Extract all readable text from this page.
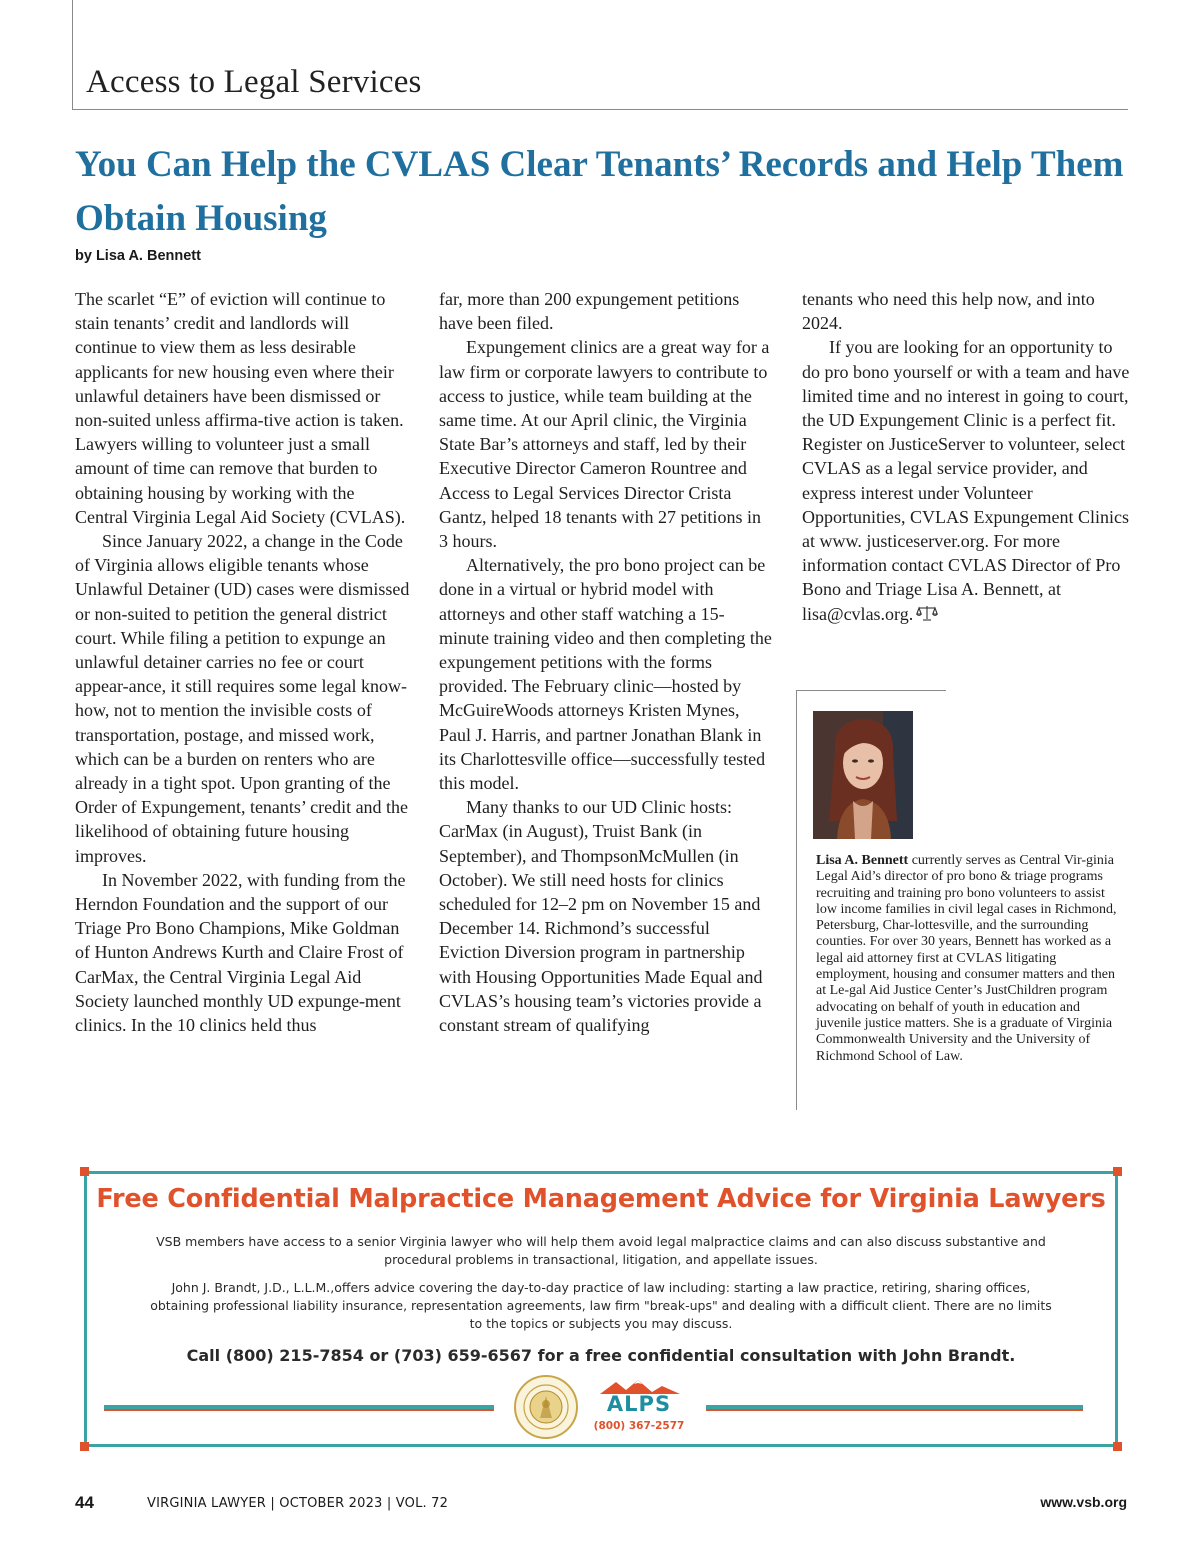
Access to Legal Services
You Can Help the CVLAS Clear Tenants’ Records and Help Them Obtain Housing

by Lisa A. Bennett

The scarlet “E” of eviction will continue to stain tenants’ credit and landlords will continue to view them as less desirable applicants for new housing even where their unlawful detainers have been dismissed or non-suited unless affirma-tive action is taken. Lawyers willing to volunteer just a small amount of time can remove that burden to obtaining housing by working with the Central Virginia Legal Aid Society (CVLAS).

Since January 2022, a change in the Code of Virginia allows eligible tenants whose Unlawful Detainer (UD) cases were dismissed or non-suited to petition the general district court. While filing a petition to expunge an unlawful detainer carries no fee or court appear-ance, it still requires some legal know-how, not to mention the invisible costs of transportation, postage, and missed work, which can be a burden on renters who are already in a tight spot. Upon granting of the Order of Expungement, tenants’ credit and the likelihood of obtaining future housing improves.

In November 2022, with funding from the Herndon Foundation and the support of our Triage Pro Bono Champions, Mike Goldman of Hunton Andrews Kurth and Claire Frost of CarMax, the Central Virginia Legal Aid Society launched monthly UD expunge-ment clinics. In the 10 clinics held thus

far, more than 200 expungement petitions have been filed.

Expungement clinics are a great way for a law firm or corporate lawyers to contribute to access to justice, while team building at the same time. At our April clinic, the Virginia State Bar’s attorneys and staff, led by their Executive Director Cameron Rountree and Access to Legal Services Director Crista Gantz, helped 18 tenants with 27 petitions in 3 hours.

Alternatively, the pro bono project can be done in a virtual or hybrid model with attorneys and other staff watching a 15-minute training video and then completing the expungement petitions with the forms provided. The February clinic—hosted by McGuireWoods attorneys Kristen Mynes, Paul J. Harris, and partner Jonathan Blank in its Charlottesville office—successfully tested this model.

Many thanks to our UD Clinic hosts: CarMax (in August), Truist Bank (in September), and ThompsonMcMullen (in October). We still need hosts for clinics scheduled for 12–2 pm on November 15 and December 14. Richmond’s successful Eviction Diversion program in partnership with Housing Opportunities Made Equal and CVLAS’s housing team’s victories provide a constant stream of qualifying

tenants who need this help now, and into 2024.

If you are looking for an opportunity to do pro bono yourself or with a team and have limited time and no interest in going to court, the UD Expungement Clinic is a perfect fit. Register on JusticeServer to volunteer, select CVLAS as a legal service provider, and express interest under Volunteer Opportunities, CVLAS Expungement Clinics at www. justiceserver.org. For more information contact CVLAS Director of Pro Bono and Triage Lisa A. Bennett, at lisa@cvlas.org.

Lisa A. Bennett currently serves as Central Vir-ginia Legal Aid’s director of pro bono & triage programs recruiting and training pro bono volunteers to assist low income families in civil legal cases in Richmond, Petersburg, Char-lottesville, and the surrounding counties. For over 30 years, Bennett has worked as a legal aid attorney first at CVLAS litigating employment, housing and consumer matters and then at Le-gal Aid Justice Center’s JustChildren program advocating on behalf of youth in education and juvenile justice matters. She is a graduate of Virginia Commonwealth University and the University of Richmond School of Law.

Free Confidential Malpractice Management Advice for Virginia Lawyers

VSB members have access to a senior Virginia lawyer who will help them avoid legal malpractice claims and can also discuss substantive and procedural problems in transactional, litigation, and appellate issues.

John J. Brandt, J.D., L.L.M.,offers advice covering the day-to-day practice of law including: starting a law practice, retiring, sharing offices, obtaining professional liability insurance, representation agreements, law firm "break-ups" and dealing with a difficult client. There are no limits to the topics or subjects you may discuss.

Call (800) 215-7854 or (703) 659-6567 for a free confidential consultation with John Brandt.

ALPS

(800) 367-2577

44	VIRGINIA LAWYER | OCTOBER 2023 | VOL. 72	www.vsb.org
